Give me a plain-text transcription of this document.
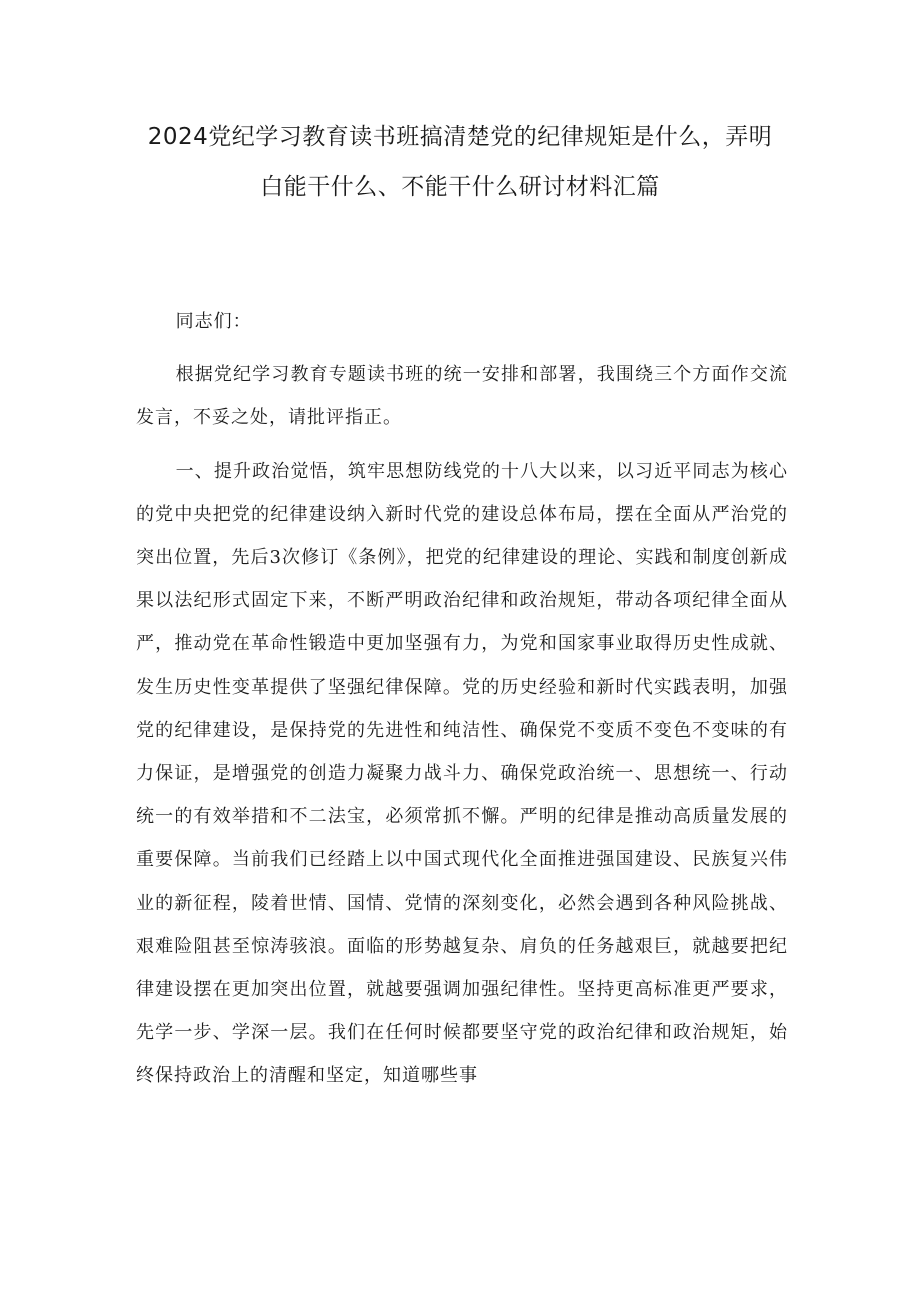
2024党纪学习教育读书班搞清楚党的纪律规矩是什么，弄明
白能干什么、不能干什么研讨材料汇篇

同志们：

根据党纪学习教育专题读书班的统一安排和部署，我围绕三个方面作交流发言，不妥之处，请批评指正。

一、提升政治觉悟，筑牢思想防线党的十八大以来，以习近平同志为核心的党中央把党的纪律建设纳入新时代党的建设总体布局，摆在全面从严治党的突出位置，先后3次修订《条例》，把党的纪律建设的理论、实践和制度创新成果以法纪形式固定下来，不断严明政治纪律和政治规矩，带动各项纪律全面从严，推动党在革命性锻造中更加坚强有力，为党和国家事业取得历史性成就、发生历史性变革提供了坚强纪律保障。党的历史经验和新时代实践表明，加强党的纪律建设，是保持党的先进性和纯洁性、确保党不变质不变色不变味的有力保证，是增强党的创造力凝聚力战斗力、确保党政治统一、思想统一、行动统一的有效举措和不二法宝，必须常抓不懈。严明的纪律是推动高质量发展的重要保障。当前我们已经踏上以中国式现代化全面推进强国建设、民族复兴伟业的新征程，陵着世情、国情、党情的深刻变化，必然会遇到各种风险挑战、艰难险阻甚至惊涛骇浪。面临的形势越复杂、肩负的任务越艰巨，就越要把纪律建设摆在更加突出位置，就越要强调加强纪律性。坚持更高标准更严要求，先学一步、学深一层。我们在任何时候都要坚守党的政治纪律和政治规矩，始终保持政治上的清醒和坚定，知道哪些事
